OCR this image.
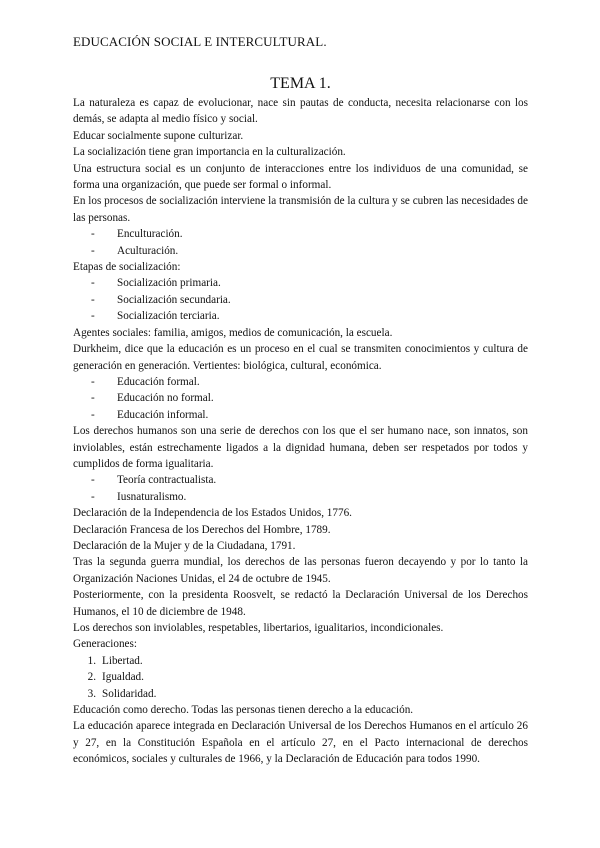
EDUCACIÓN SOCIAL E INTERCULTURAL.
TEMA 1.

La naturaleza es capaz de evolucionar, nace sin pautas de conducta, necesita relacionarse con los demás, se adapta al medio físico y social.

Educar socialmente supone culturizar.

La socialización tiene gran importancia en la culturalización.

Una estructura social es un conjunto de interacciones entre los individuos de una comunidad, se forma una organización, que puede ser formal o informal.

En los procesos de socialización interviene la transmisión de la cultura y se cubren las necesidades de las personas.

-	Enculturación.
-	Aculturación.

Etapas de socialización:

-	Socialización primaria.
-	Socialización secundaria.
-	Socialización terciaria.

Agentes sociales: familia, amigos, medios de comunicación, la escuela.

Durkheim, dice que la educación es un proceso en el cual se transmiten conocimientos y cultura de generación en generación. Vertientes: biológica, cultural, económica.

-	Educación formal.
-	Educación no formal.
-	Educación informal.

Los derechos humanos son una serie de derechos con los que el ser humano nace, son innatos, son inviolables, están estrechamente ligados a la dignidad humana, deben ser respetados por todos y cumplidos de forma igualitaria.

-	Teoría contractualista.
-	Iusnaturalismo.

Declaración de la Independencia de los Estados Unidos, 1776.

Declaración Francesa de los Derechos del Hombre, 1789.

Declaración de la Mujer y de la Ciudadana, 1791.

Tras la segunda guerra mundial, los derechos de las personas fueron decayendo y por lo tanto la Organización Naciones Unidas, el 24 de octubre de 1945.

Posteriormente, con la presidenta Roosvelt, se redactó la Declaración Universal de los Derechos Humanos, el 10 de diciembre de 1948.

Los derechos son inviolables, respetables, libertarios, igualitarios, incondicionales.

Generaciones:

1. Libertad.
2. Igualdad.
3. Solidaridad.

Educación como derecho. Todas las personas tienen derecho a la educación.

La educación aparece integrada en Declaración Universal de los Derechos Humanos en el artículo 26 y 27, en la Constitución Española en el artículo 27, en el Pacto internacional de derechos económicos, sociales y culturales de 1966, y la Declaración de Educación para todos 1990.
